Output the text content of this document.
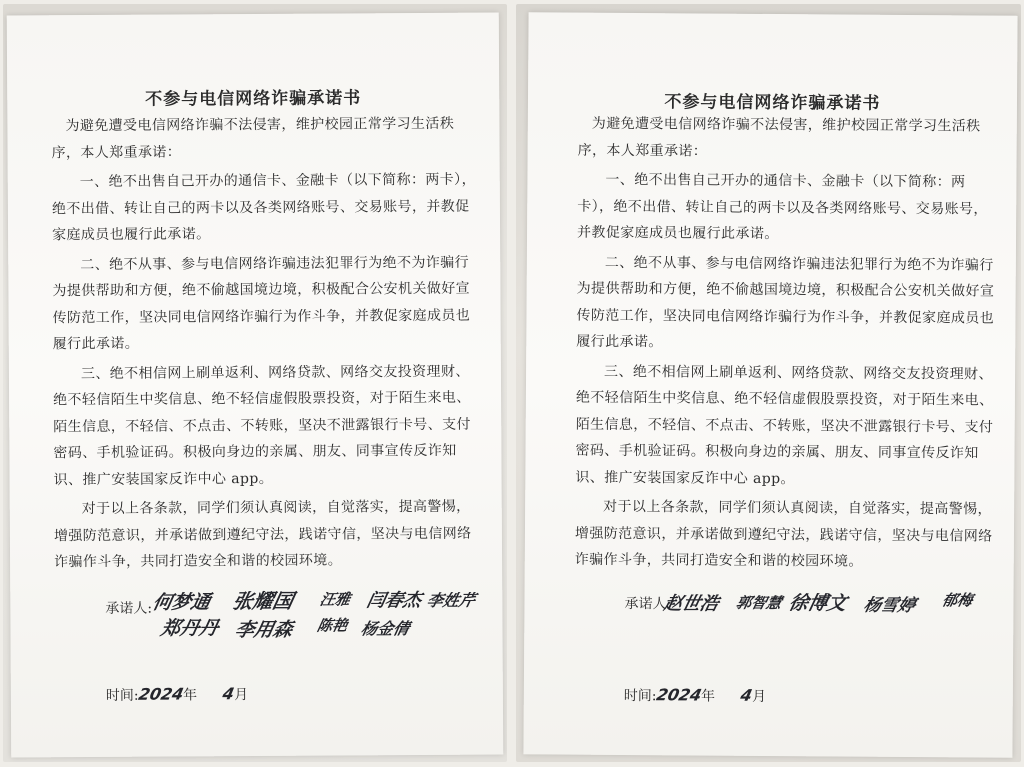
不参与电信网络诈骗承诺书

为避免遭受电信网络诈骗不法侵害，维护校园正常学习生活秩序，本人郑重承诺：

一、绝不出售自己开办的通信卡、金融卡（以下简称：两卡），绝不出借、转让自己的两卡以及各类网络账号、交易账号，并教促家庭成员也履行此承诺。

二、绝不从事、参与电信网络诈骗违法犯罪行为绝不为诈骗行为提供帮助和方便，绝不偷越国境边境，积极配合公安机关做好宣传防范工作，坚决同电信网络诈骗行为作斗争，并教促家庭成员也履行此承诺。

三、绝不相信网上刷单返利、网络贷款、网络交友投资理财、绝不轻信陌生中奖信息、绝不轻信虚假股票投资，对于陌生来电、陌生信息，不轻信、不点击、不转账，坚决不泄露银行卡号、支付密码、手机验证码。积极向身边的亲属、朋友、同事宣传反诈知识、推广安装国家反诈中心 app。

对于以上各条款，同学们须认真阅读，自觉落实，提高警惕，增强防范意识，并承诺做到遵纪守法，践诺守信，坚决与电信网络诈骗作斗争，共同打造安全和谐的校园环境。

承诺人:
何梦通 张耀国 汪雅 闫春杰 李姓芹
郑丹丹 李用森 陈艳 杨金倩
时间:2024年 4月
不参与电信网络诈骗承诺书

为避免遭受电信网络诈骗不法侵害，维护校园正常学习生活秩序，本人郑重承诺：

一、绝不出售自己开办的通信卡、金融卡（以下简称：两卡），绝不出借、转让自己的两卡以及各类网络账号、交易账号，并教促家庭成员也履行此承诺。

二、绝不从事、参与电信网络诈骗违法犯罪行为绝不为诈骗行为提供帮助和方便，绝不偷越国境边境，积极配合公安机关做好宣传防范工作，坚决同电信网络诈骗行为作斗争，并教促家庭成员也履行此承诺。

三、绝不相信网上刷单返利、网络贷款、网络交友投资理财、绝不轻信陌生中奖信息、绝不轻信虚假股票投资，对于陌生来电、陌生信息，不轻信、不点击、不转账，坚决不泄露银行卡号、支付密码、手机验证码。积极向身边的亲属、朋友、同事宣传反诈知识、推广安装国家反诈中心 app。

对于以上各条款，同学们须认真阅读，自觉落实，提高警惕，增强防范意识，并承诺做到遵纪守法，践诺守信，坚决与电信网络诈骗作斗争，共同打造安全和谐的校园环境。

承诺人:
赵世浩 郭智慧 徐博文 杨雪婷 郁梅
时间:2024年 4月
